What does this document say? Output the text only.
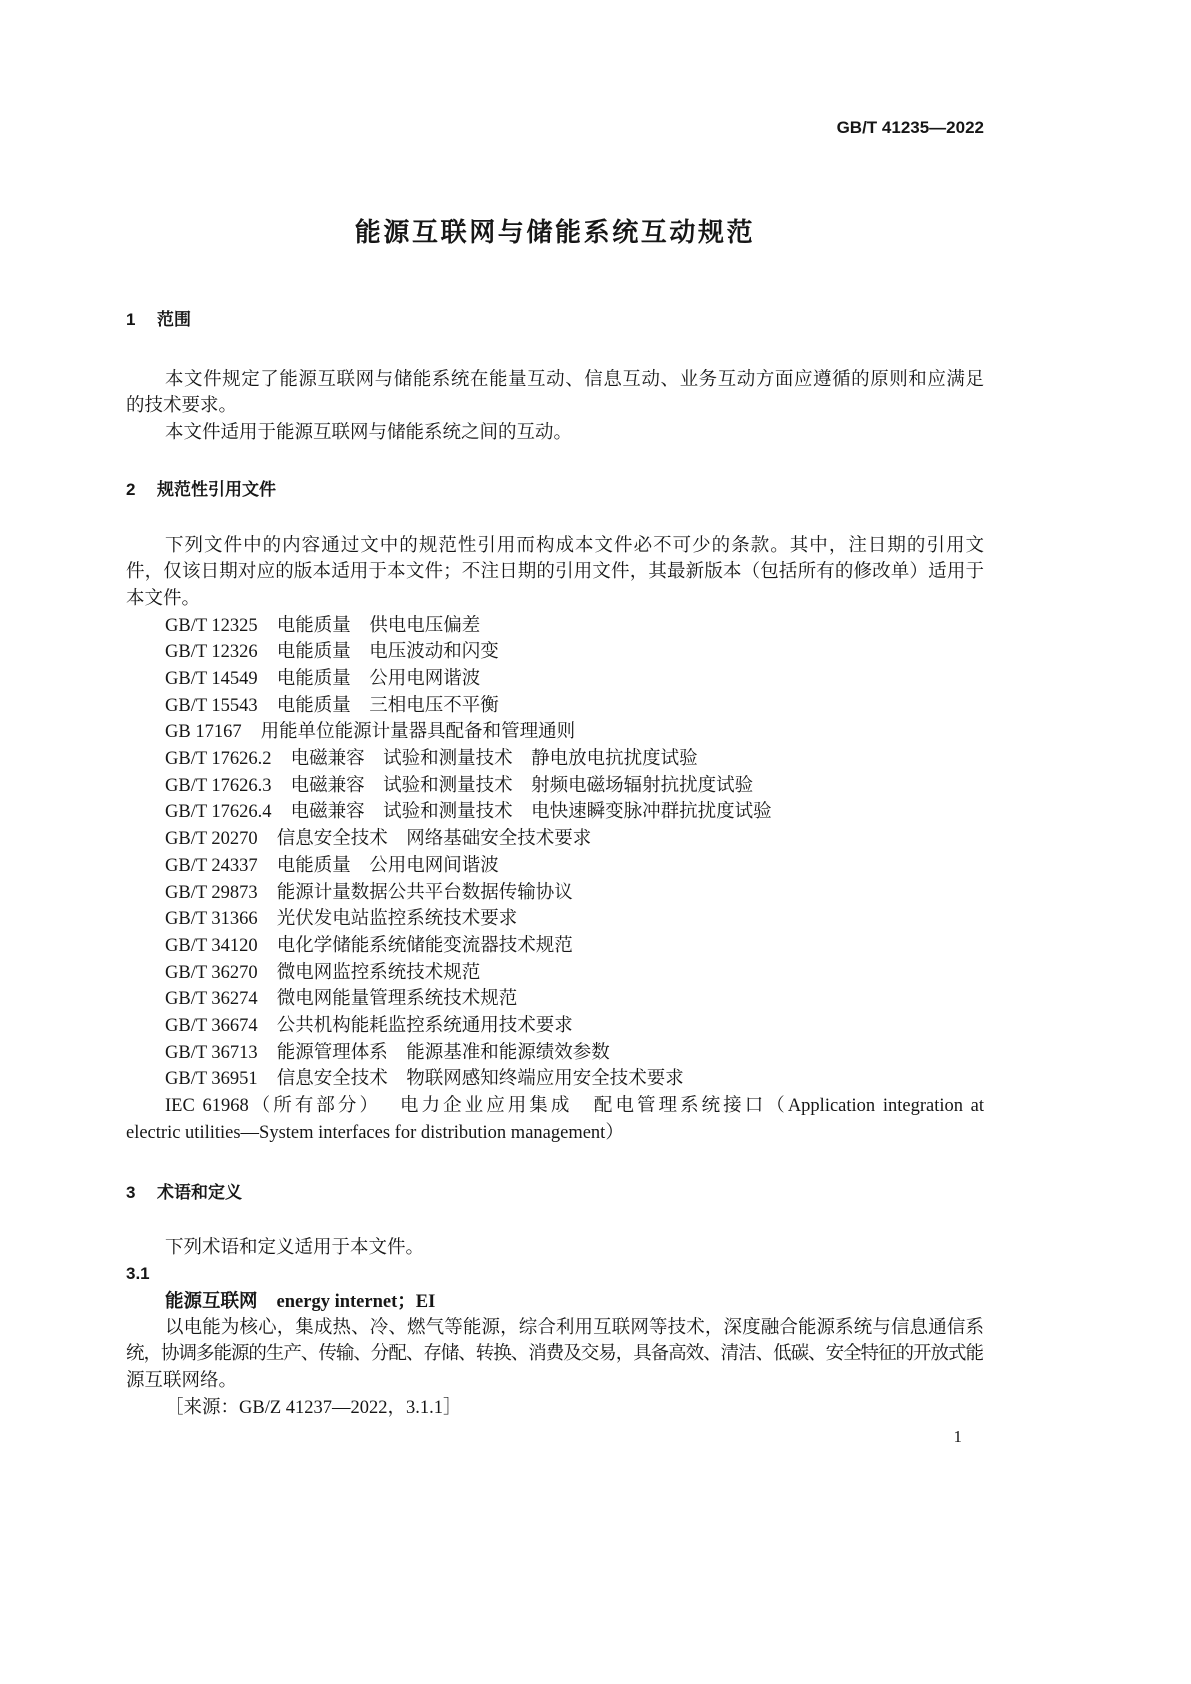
GB/T 41235—2022
能源互联网与储能系统互动规范
1 范围
本文件规定了能源互联网与储能系统在能量互动、信息互动、业务互动方面应遵循的原则和应满足
的技术要求。
本文件适用于能源互联网与储能系统之间的互动。
2 规范性引用文件
下列文件中的内容通过文中的规范性引用而构成本文件必不可少的条款。其中，注日期的引用文
件，仅该日期对应的版本适用于本文件；不注日期的引用文件，其最新版本（包括所有的修改单）适用于
本文件。
GB/T 12325 电能质量　供电电压偏差
GB/T 12326 电能质量　电压波动和闪变
GB/T 14549 电能质量　公用电网谐波
GB/T 15543 电能质量　三相电压不平衡
GB 17167 用能单位能源计量器具配备和管理通则
GB/T 17626.2 电磁兼容　试验和测量技术　静电放电抗扰度试验
GB/T 17626.3 电磁兼容　试验和测量技术　射频电磁场辐射抗扰度试验
GB/T 17626.4 电磁兼容　试验和测量技术　电快速瞬变脉冲群抗扰度试验
GB/T 20270 信息安全技术　网络基础安全技术要求
GB/T 24337 电能质量　公用电网间谐波
GB/T 29873 能源计量数据公共平台数据传输协议
GB/T 31366 光伏发电站监控系统技术要求
GB/T 34120 电化学储能系统储能变流器技术规范
GB/T 36270 微电网监控系统技术规范
GB/T 36274 微电网能量管理系统技术规范
GB/T 36674 公共机构能耗监控系统通用技术要求
GB/T 36713 能源管理体系　能源基准和能源绩效参数
GB/T 36951 信息安全技术　物联网感知终端应用安全技术要求
IEC 61968（所有部分） 电力企业应用集成　配电管理系统接口（Application integration at
electric utilities—System interfaces for distribution management）
3 术语和定义
下列术语和定义适用于本文件。
3.1
能源互联网 energy internet；EI
以电能为核心，集成热、冷、燃气等能源，综合利用互联网等技术，深度融合能源系统与信息通信系
统，协调多能源的生产、传输、分配、存储、转换、消费及交易，具备高效、清洁、低碳、安全特征的开放式能
源互联网络。
［来源：GB/Z 41237—2022，3.1.1］
1
